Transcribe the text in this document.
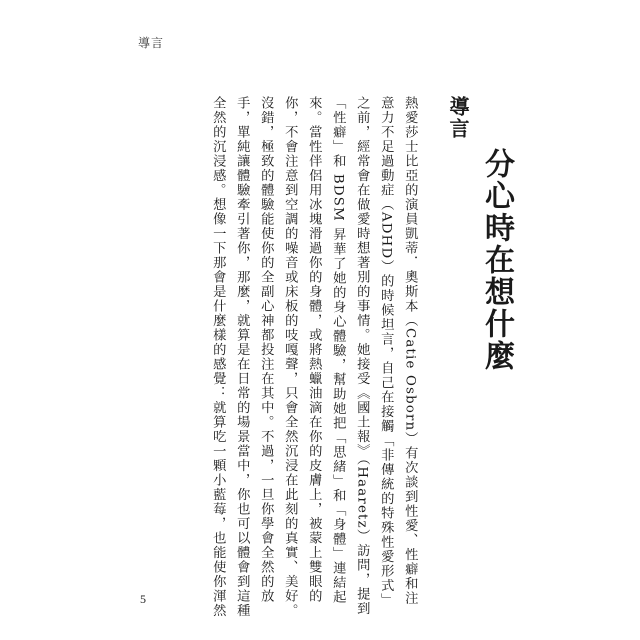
導言
導言
分心時在想什麼
熱愛莎士比亞的演員凱蒂．奧斯本（Catie Osborn）有次談到性愛、性癖和注
意力不足過動症（ADHD）的時候坦言，自己在接觸「非傳統的特殊性愛形式」
之前，經常會在做愛時想著別的事情。她接受《國土報》（Haaretz）訪問，提到
「性癖」和 BDSM 昇華了她的身心體驗，幫助她把「思緒」和「身體」連結起
來。當性伴侶用冰塊滑過你的身體，或將熱蠟油滴在你的皮膚上，被蒙上雙眼的
你，不會注意到空調的噪音或床板的吱嘎聲，只會全然沉浸在此刻的真實、美好。
沒錯，極致的體驗能使你的全副心神都投注在其中。不過，一旦你學會全然的放
手，單純讓體驗牽引著你，那麼，就算是在日常的場景當中，你也可以體會到這種
全然的沉浸感。想像一下那會是什麼樣的感覺：就算吃一顆小藍莓，也能使你渾然
5
